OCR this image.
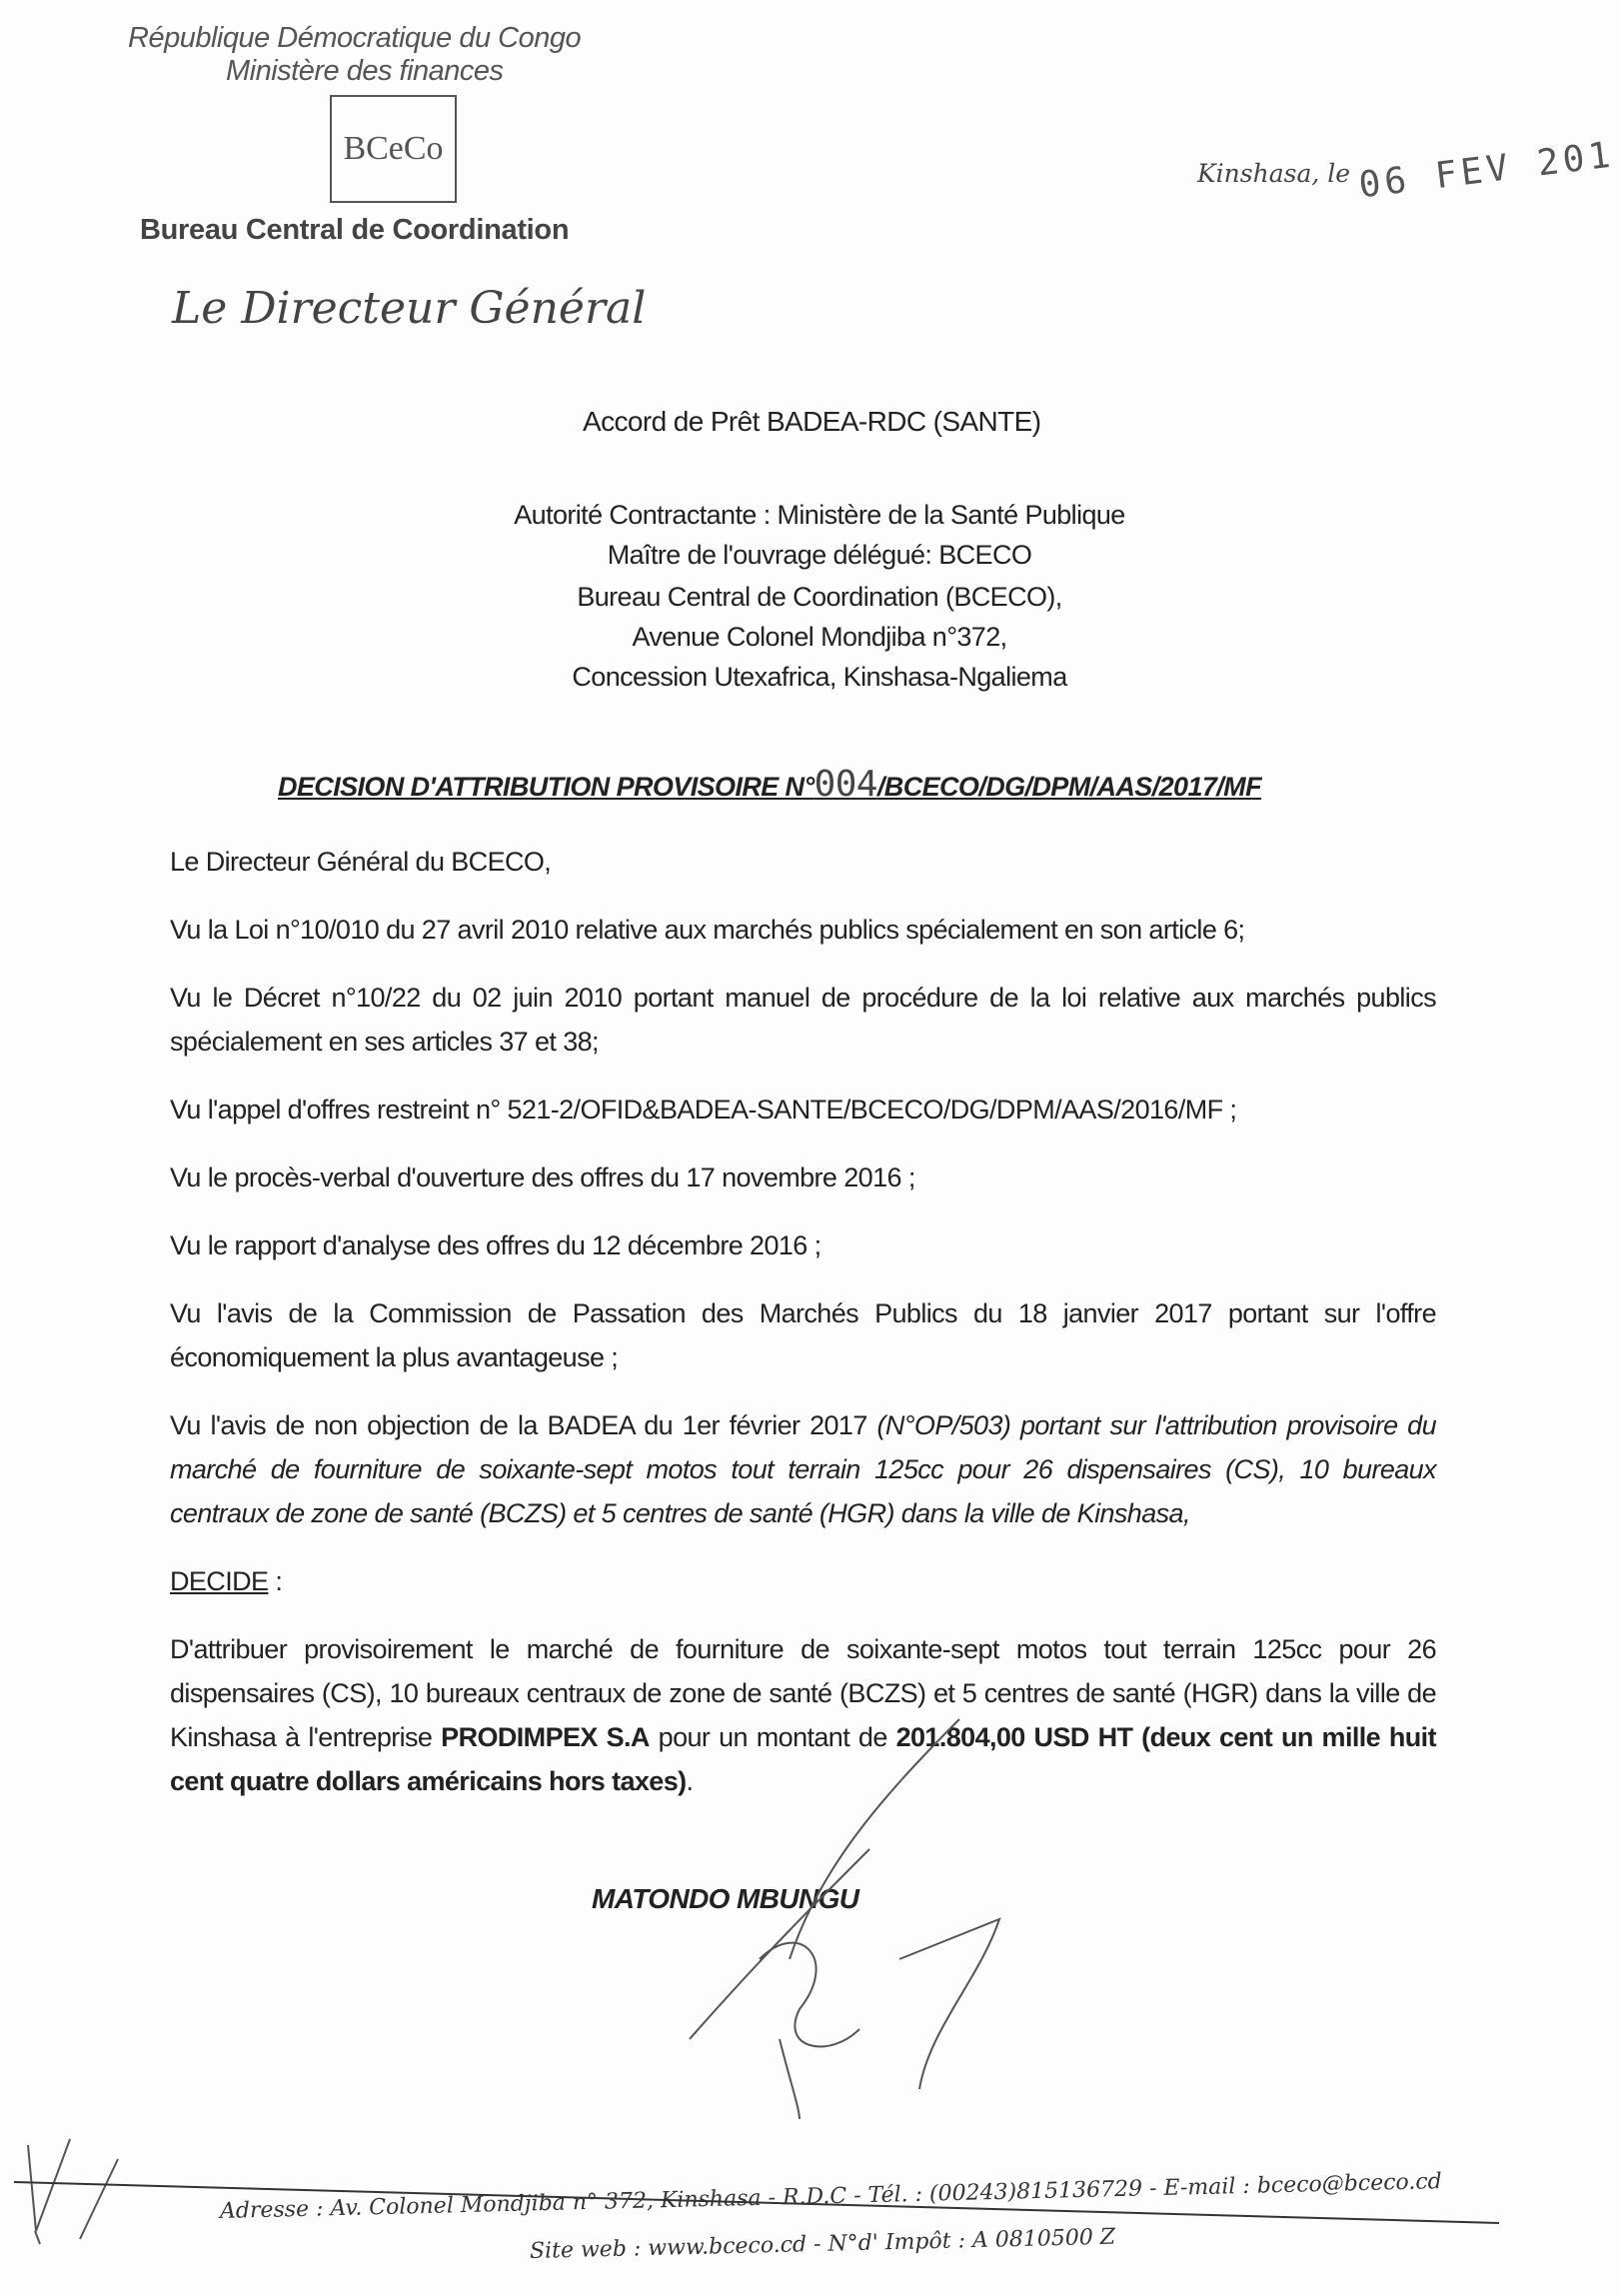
République Démocratique du Congo
Ministère des finances
BCeCo
Bureau Central de Coordination
Le Directeur Général
Kinshasa, le 06 FEV 201
Accord de Prêt BADEA-RDC (SANTE)
Autorité Contractante : Ministère de la Santé Publique
Maître de l'ouvrage délégué: BCECO
Bureau Central de Coordination (BCECO),
Avenue Colonel Mondjiba n°372,
Concession Utexafrica, Kinshasa-Ngaliema
DECISION D'ATTRIBUTION PROVISOIRE N°004/BCECO/DG/DPM/AAS/2017/MF
Le Directeur Général du BCECO,
Vu la Loi n°10/010 du 27 avril 2010 relative aux marchés publics spécialement en son article 6;
Vu le Décret n°10/22 du 02 juin 2010 portant manuel de procédure de la loi relative aux marchés publics spécialement en ses articles 37 et 38;
Vu l'appel d'offres restreint n° 521-2/OFID&BADEA-SANTE/BCECO/DG/DPM/AAS/2016/MF ;
Vu le procès-verbal d'ouverture des offres du 17 novembre 2016 ;
Vu le rapport d'analyse des offres du 12 décembre 2016 ;
Vu l'avis de la Commission de Passation des Marchés Publics du 18 janvier 2017 portant sur l'offre économiquement la plus avantageuse ;
Vu l'avis de non objection de la BADEA du 1er février 2017 (N°OP/503) portant sur l'attribution provisoire du marché de fourniture de soixante-sept motos tout terrain 125cc pour 26 dispensaires (CS), 10 bureaux centraux de zone de santé (BCZS) et 5 centres de santé (HGR) dans la ville de Kinshasa,
DECIDE :
D'attribuer provisoirement le marché de fourniture de soixante-sept motos tout terrain 125cc pour 26 dispensaires (CS), 10 bureaux centraux de zone de santé (BCZS) et 5 centres de santé (HGR) dans la ville de Kinshasa à l'entreprise PRODIMPEX S.A pour un montant de 201.804,00 USD HT (deux cent un mille huit cent quatre dollars américains hors taxes).
MATONDO MBUNGU
Adresse : Av. Colonel Mondjiba n° 372, Kinshasa - R.D.C - Tél. : (00243)815136729 - E-mail : bceco@bceco.cd
Site web : www.bceco.cd - N°d' Impôt : A 0810500 Z
